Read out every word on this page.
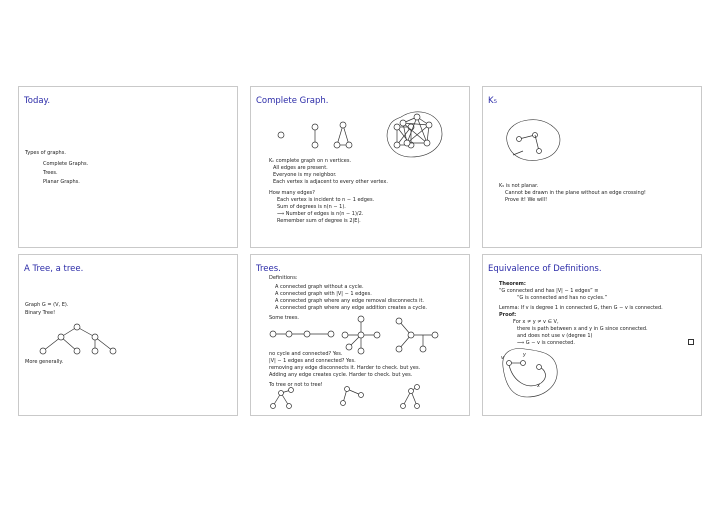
Today.

Types of graphs.

Complete Graphs.

Trees.

Planar Graphs.

Complete Graph.

Kₙ complete graph on n vertices.

All edges are present.

Everyone is my neighbor.

Each vertex is adjacent to every other vertex.

How many edges?

Each vertex is incident to n − 1 edges.

Sum of degrees is n(n − 1).

⟹ Number of edges is n(n − 1)/2.

Remember sum of degree is 2|E|.

K₅

K₅ is not planar.

Cannot be drawn in the plane without an edge crossing!

Prove it! We will!

A Tree, a tree.

Graph G = (V, E).

Binary Tree!

More generally.

Trees.

Definitions:

A connected graph without a cycle.

A connected graph with |V| − 1 edges.

A connected graph where any edge removal disconnects it.

A connected graph where any edge addition creates a cycle.

Some trees.

no cycle and connected? Yes.

|V| − 1 edges and connected? Yes.

removing any edge disconnects it. Harder to check. but yes.

Adding any edge creates cycle. Harder to check. but yes.

To tree or not to tree!

Equivalence of Definitions.

Theorem:

“G connected and has |V| − 1 edges” ≡

“G is connected and has no cycles.”

Lemma: If v is degree 1 in connected G, then G − v is connected.

Proof:

For x ≠ y ≠ v ∈ V,

there is path between x and y in G since connected.

and does not use v (degree 1)

⟹ G − v is connected.

v	y
x
